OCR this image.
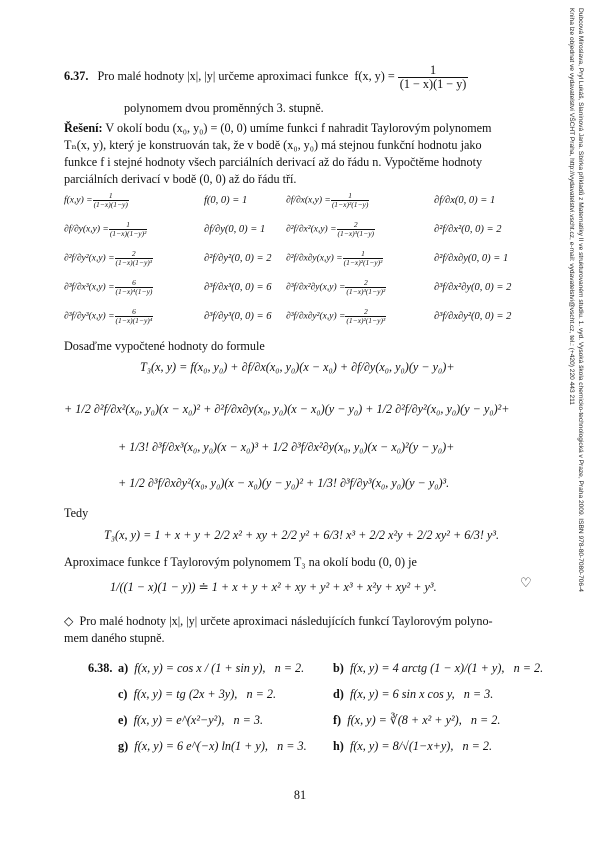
Dubcová Miroslava, Pryl Lukáš, Slaninová Jana. Sbírka příkladů z Matematiky II ve strukturovaném studiu. 1. vyd. Vysoká škola chemicko-technologická v Praze, Praha 2009. ISBN 978-80-7080-706-4
Kniha lze objednat ve vydavatelství VŠCHT Praha, http://vydavatelstvi.vscht.cz, e-mail: vydavatelstvi@vscht.cz, tel.: (+420) 220 443 211
6.37. Pro malé hodnoty |x|, |y| určeme aproximaci funkce f(x, $y) = \frac{1}{(1 - x)(1 - y)}$
polynomem dvou proměnných 3. stupně.
Řešení: V okolí bodu (x₀, y₀) = (0, 0) umíme funkci f nahradit Taylorovým polynomem
Tₙ(x, y), který je konstruován tak, že v bodě (x₀, y₀) má stejnou funkční hodnotu jako
funkce f i stejné hodnoty všech parciálních derivací až do řádu n. Vypočtěme hodnoty
parciálních derivací v bodě (0, 0) až do řádu tří.
$f(x,y) = \frac{1}{(1-x)(1-y)}$	f(0, 0) = 1	$\partial f/\partial x(x,y) = \frac{1}{\text{(1−x)²(1−y)}}$	∂f/∂x(0, 0) = 1
$\partial f/\partial y(x,y) = \frac{1}{\text{(1−x)(1−y)²}}$	∂f/∂y(0, 0) = 1 $\partial^2f/\partial x^2(x,y) = \frac{2}{\text{(1−x)³(1−y)}}$	∂²f/∂x²(0, 0) = 2
$\partial^2f/\partial y^2(x,y) = \frac{2}{\text{(1−x)(1−y)³}}$	∂²f/∂y²(0, 0) = 2 $\partial^2f/\partial x\partial y(x,y) = \frac{1}{\text{(1−x)²(1−y)²}}$	∂²f/∂x∂y(0, 0) = 1
$\partial^3f/\partial x^3(x,y) = \frac{6}{\text{(1−x)⁴(1−y)}}$	∂³f/∂x³(0, 0) = 6 $\partial^3f/\partial x^2\partial y(x,y) = \frac{2}{\text{(1−x)³(1−y)²}}$	∂³f/∂x²∂y(0, 0) = 2
$\partial^3f/\partial y^3(x,y) = \frac{6}{\text{(1−x)(1−y)⁴}}$	∂³f/∂y³(0, 0) = 6 $\partial^3f/\partial x\partial y^2(x,y) = \frac{2}{\text{(1−x)²(1−y)³}}$	∂³f/∂x∂y²(0, 0) = 2
Dosaďme vypočtené hodnoty do formule
T₃(x, y) = f(x₀, y₀) + ∂f/∂x(x₀, y₀)(x − x₀) + ∂f/∂y(x₀, y₀)(y − y₀)+
+ 1/2 ∂²f/∂x²(x₀, y₀)(x − x₀)² + ∂²f/∂x∂y(x₀, y₀)(x − x₀)(y − y₀) + 1/2 ∂²f/∂y²(x₀, y₀)(y − y₀)²+
+ 1/3! ∂³f/∂x³(x₀, y₀)(x − x₀)³ + 1/2 ∂³f/∂x²∂y(x₀, y₀)(x − x₀)²(y − y₀)+
+ 1/2 ∂³f/∂x∂y²(x₀, y₀)(x − x₀)(y − y₀)² + 1/3! ∂³f/∂y³(x₀, y₀)(y − y₀)³.
Tedy
T₃(x, y) = 1 + x + y + 2/2 x² + xy + 2/2 y² + 6/3! x³ + 2/2 x²y + 2/2 xy² + 6/3! y³.
Aproximace funkce f Taylorovým polynomem T₃ na okolí bodu (0, 0) je
1/((1 − x)(1 − y)) ≐ 1 + x + y + x² + xy + y² + x³ + x²y + xy² + y³.	♡
◇ Pro malé hodnoty |x|, |y| určete aproximaci následujících funkcí Taylorovým polyno-
mem daného stupně.
6.38. a) f(x, y) = cos x / (1 + sin y), n = 2. b) f(x, y) = 4 arctg (1 − x)/(1 + y), n = 2.
c) f(x, y) = tg (2x + 3y), n = 2.	d) f(x, y) = 6 sin x cos y, n = 3.
e) f(x, y) = e^(x²−y²), n = 3.	f) f(x, y) = ∛(8 + x² + y²), n = 2.
g) f(x, y) = 6 e^(−x) ln(1 + y), n = 3. h) f(x, y) = 8/√(1−x+y), n = 2.
81
